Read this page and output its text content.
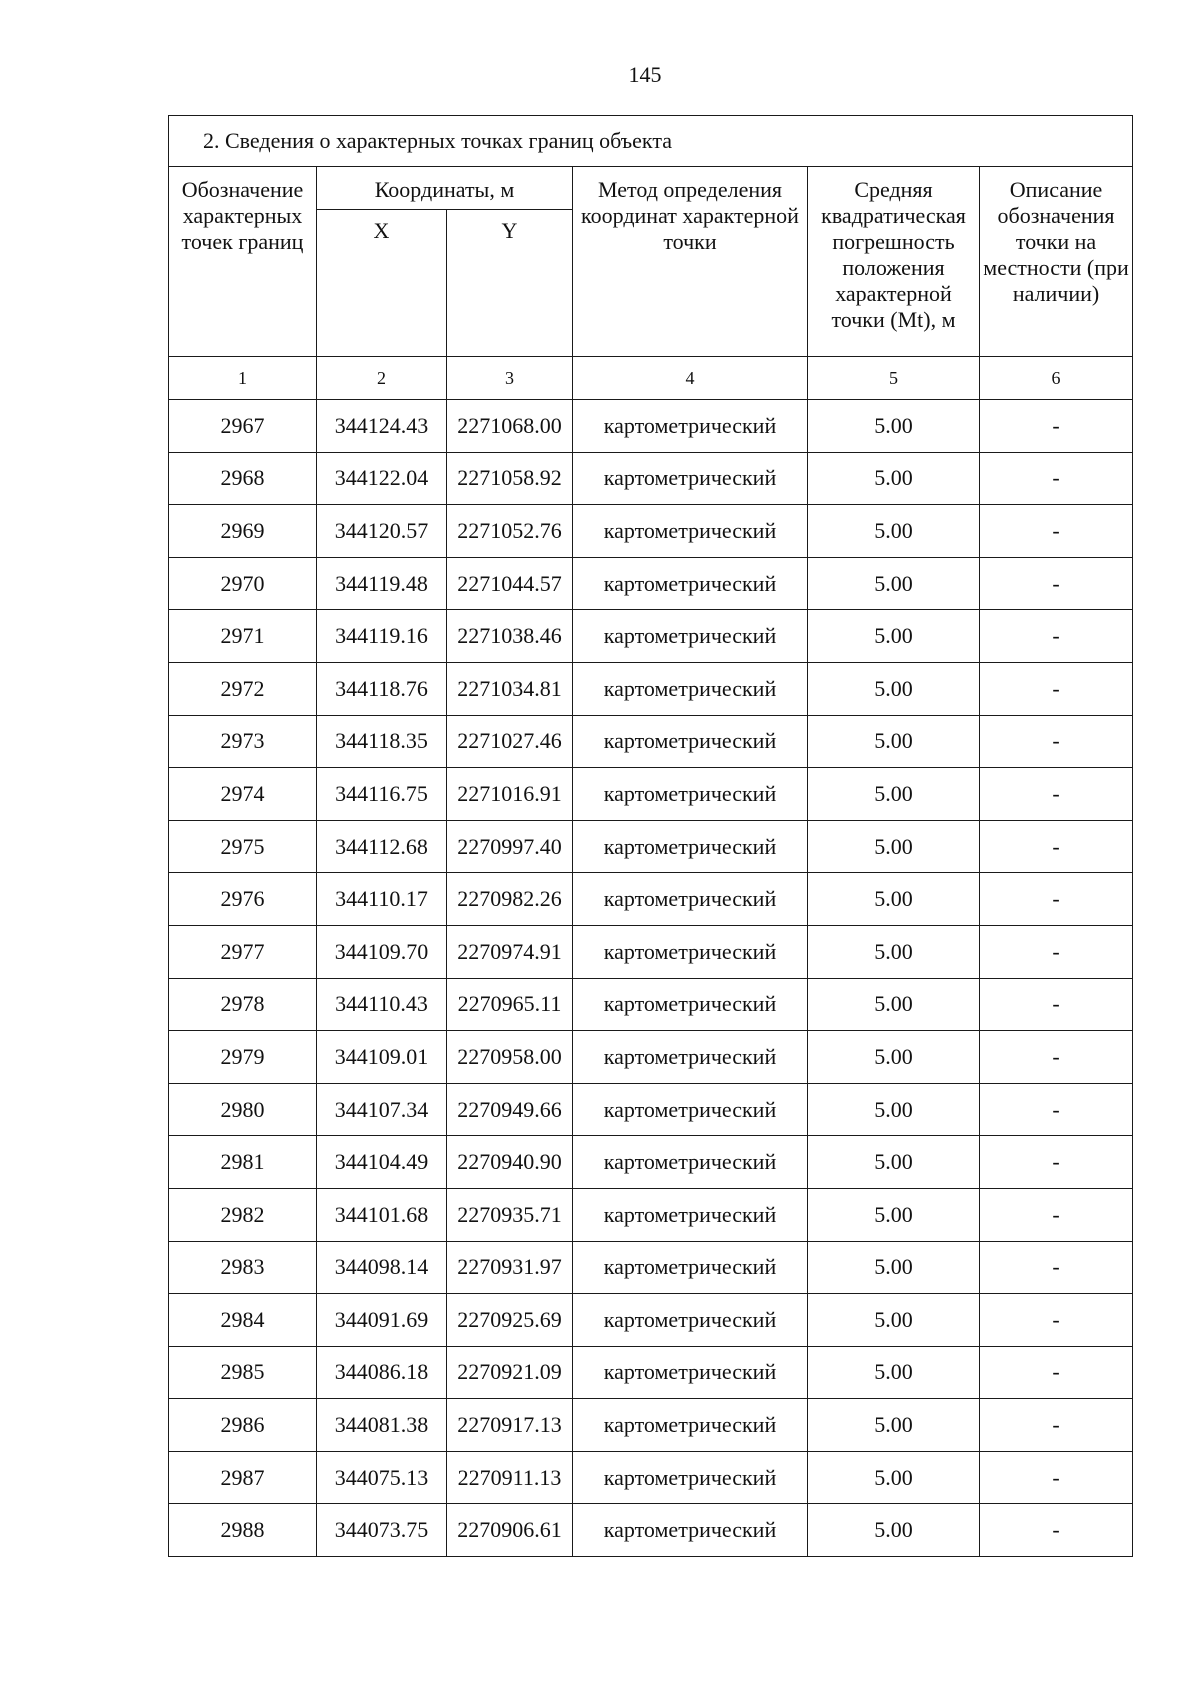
145
2. Сведения о характерных точках границ объекта					
Обозначение характерных точек границ	Координаты, м		Метод определения координат характерной точки	Средняя квадратическая погрешность положения характерной точки (Mt), м	Описание обозначения точки на местности (при наличии)
	X	Y			
1	2	3	4	5	6
2967	344124.43	2271068.00	картометрический	5.00	-
2968	344122.04	2271058.92	картометрический	5.00	-
2969	344120.57	2271052.76	картометрический	5.00	-
2970	344119.48	2271044.57	картометрический	5.00	-
2971	344119.16	2271038.46	картометрический	5.00	-
2972	344118.76	2271034.81	картометрический	5.00	-
2973	344118.35	2271027.46	картометрический	5.00	-
2974	344116.75	2271016.91	картометрический	5.00	-
2975	344112.68	2270997.40	картометрический	5.00	-
2976	344110.17	2270982.26	картометрический	5.00	-
2977	344109.70	2270974.91	картометрический	5.00	-
2978	344110.43	2270965.11	картометрический	5.00	-
2979	344109.01	2270958.00	картометрический	5.00	-
2980	344107.34	2270949.66	картометрический	5.00	-
2981	344104.49	2270940.90	картометрический	5.00	-
2982	344101.68	2270935.71	картометрический	5.00	-
2983	344098.14	2270931.97	картометрический	5.00	-
2984	344091.69	2270925.69	картометрический	5.00	-
2985	344086.18	2270921.09	картометрический	5.00	-
2986	344081.38	2270917.13	картометрический	5.00	-
2987	344075.13	2270911.13	картометрический	5.00	-
2988	344073.75	2270906.61	картометрический	5.00	-
